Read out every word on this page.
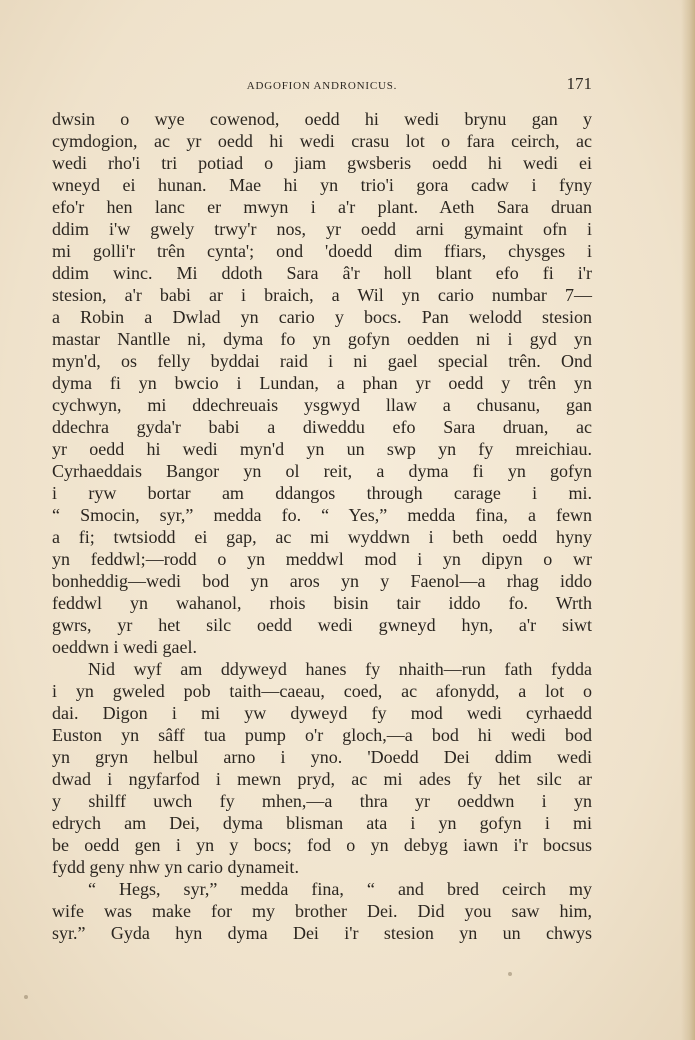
ADGOFION ANDRONICUS.	171
dwsin o wye cowenod, oedd hi wedi brynu gan y
cymdogion, ac yr oedd hi wedi crasu lot o fara ceirch, ac
wedi rho'i tri potiad o jiam gwsberis oedd hi wedi ei
wneyd ei hunan. Mae hi yn trio'i gora cadw i fyny
efo'r hen lanc er mwyn i a'r plant. Aeth Sara druan
ddim i'w gwely trwy'r nos, yr oedd arni gymaint ofn i
mi golli'r trên cynta'; ond 'doedd dim ffiars, chysges i
ddim winc. Mi ddoth Sara â'r holl blant efo fi i'r
stesion, a'r babi ar i braich, a Wil yn cario numbar 7—
a Robin a Dwlad yn cario y bocs. Pan welodd stesion
mastar Nantlle ni, dyma fo yn gofyn oedden ni i gyd yn
myn'd, os felly byddai raid i ni gael special trên. Ond
dyma fi yn bwcio i Lundan, a phan yr oedd y trên yn
cychwyn, mi ddechreuais ysgwyd llaw a chusanu, gan
ddechra gyda'r babi a diweddu efo Sara druan, ac
yr oedd hi wedi myn'd yn un swp yn fy mreichiau.
Cyrhaeddais Bangor yn ol reit, a dyma fi yn gofyn
i ryw bortar am ddangos through carage i mi.
“ Smocin, syr,” medda fo. “ Yes,” medda fina, a fewn
a fi; twtsiodd ei gap, ac mi wyddwn i beth oedd hyny
yn feddwl;—rodd o yn meddwl mod i yn dipyn o wr
bonheddig—wedi bod yn aros yn y Faenol—a rhag iddo
feddwl yn wahanol, rhois bisin tair iddo fo. Wrth
gwrs, yr het silc oedd wedi gwneyd hyn, a'r siwt
oeddwn i wedi gael.
Nid wyf am ddyweyd hanes fy nhaith—run fath fydda
i yn gweled pob taith—caeau, coed, ac afonydd, a lot o
dai. Digon i mi yw dyweyd fy mod wedi cyrhaedd
Euston yn sâff tua pump o'r gloch,—a bod hi wedi bod
yn gryn helbul arno i yno. 'Doedd Dei ddim wedi
dwad i ngyfarfod i mewn pryd, ac mi ades fy het silc ar
y shilff uwch fy mhen,—a thra yr oeddwn i yn
edrych am Dei, dyma blisman ata i yn gofyn i mi
be oedd gen i yn y bocs; fod o yn debyg iawn i'r bocsus
fydd geny nhw yn cario dynameit.
“ Hegs, syr,” medda fina, “ and bred ceirch my
wife was make for my brother Dei. Did you saw him,
syr.” Gyda hyn dyma Dei i'r stesion yn un chwys
